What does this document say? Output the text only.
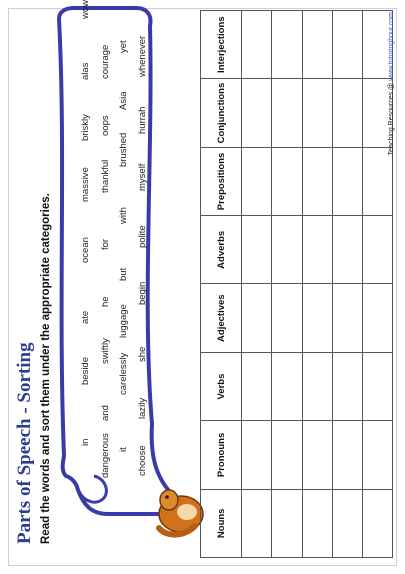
Parts of Speech - Sorting Read the words and sort them under the appropriate categories.	in
beside
ate
ocean
massive
briskly
alas
wow
dangerous
and
swiftly
he
for
thankful
oops
courage
it
carelessly
luggage
but
with
brushed
Asia
yet
choose
lazily
she
begin
polite
myself
hurrah
whenever
Nouns	Pronouns	Verbs	Adjectives	Adverbs	Prepositions	Conjunctions	Interjections

Teaching Resources @ www.tutoringhour.com
